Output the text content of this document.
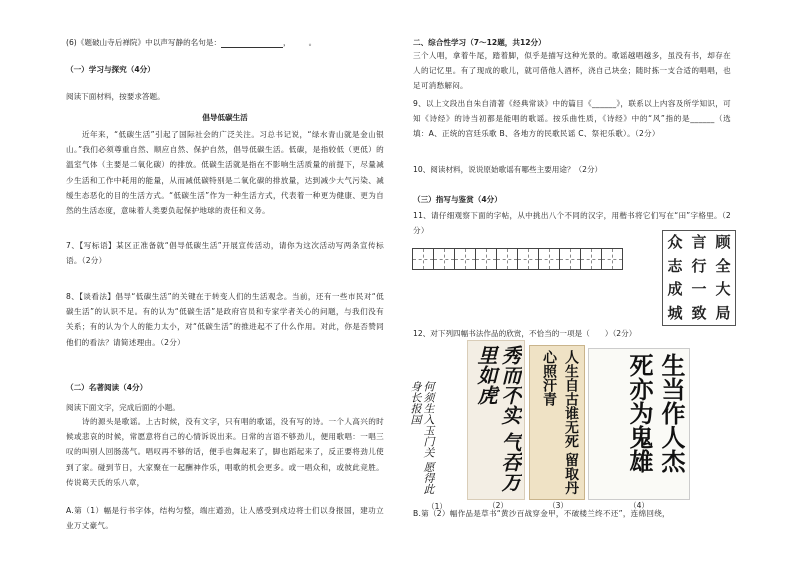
(6)《题破山寺后禅院》中以声写静的名句是：	， 。
（一）学习与探究（4分）
阅读下面材料，按要求答题。
倡导低碳生活
近年来，“低碳生活”引起了国际社会的广泛关注。习总书记说，“绿水青山就是金山银山。”我们必须尊重自然、顺应自然、保护自然，倡导低碳生活。低碳，是指较低（更低）的温室气体（主要是二氧化碳）的排放。低碳生活就是指在不影响生活质量的前提下，尽量减少生活和工作中耗用的能量，从而减低碳特别是二氧化碳的排放量，达到减少大气污染、减缓生态恶化的目的生活方式。“低碳生活”作为一种生活方式，代表着一种更为健康、更为自然的生活态度，意味着人类要负起保护地球的责任和义务。
7、【写标语】某区正准备就“倡导低碳生活”开展宣传活动，请你为这次活动写两条宣传标语。（2分）
8、【谈看法】倡导“低碳生活”的关键在于转变人们的生活观念。当前，还有一些市民对“低碳生活”的认识不足。有的认为“低碳生活”是政府官员和专家学者关心的问题，与我们没有关系；有的认为个人的能力太小，对“低碳生活”的推进起不了什么作用。对此，你是否赞同他们的看法？请简述理由。（2分）
（二）名著阅读（4分）
阅读下面文字，完成后面的小题。
诗的源头是歌谣。上古时候，没有文字，只有唱的歌谣，没有写的诗。一个人高兴的时候或悲哀的时候，常愿意将自己的心情诉说出来。日常的言语不够劲儿，便用歌唱：一唱三叹的叫别人回肠荡气。唱叹再不够的话，便手也舞起来了，脚也蹈起来了，反正要将劲儿使到了家。碰到节日，大家聚在一起酬神作乐，唱歌的机会更多。或一唱众和，或彼此竞胜。传说葛天氏的乐八章，
A.第（1）幅是行书字体，结构匀整，端庄遒劲，让人感受到戍边将士们以身报国，建功立业万丈豪气。
二、综合性学习（7～12题，共12分）
三个人唱，拿着牛尾，踏着脚，似乎是描写这种光景的。歌谣越唱越多，虽没有书，却存在人的记忆里。有了现成的歌儿，就可借他人酒杯，浇自己块垒；随时拣一支合适的唱唱，也足可消愁解闷。
9、以上文段出自朱自清著《经典常谈》中的篇目《______》，联系以上内容及所学知识，可知《诗经》的诗当初都是能唱的歌谣。按乐曲性质，《诗经》中的“风”指的是______（选填：A、正统的宫廷乐歌 B、各地方的民歌民谣 C、祭祀乐歌）。（2分）
10、阅读材料，说说原始歌谣有哪些主要用途？（2分）
（三）指写与鉴赏（4分）
11、请仔细观察下面的字帖，从中挑出八个不同的汉字，用楷书将它们写在“田”字格里。（2分）
众 言 顾
志 行 全
成 一 大
城 致 局
12、对下列四幅书法作品的欣赏，不恰当的一项是（　　）（2分）
何须生入玉门关 愿得此身长报国
（1）
秀而不实 气吞万里如虎
（2）
人生自古谁无死 留取丹心照汗青
（3）
生当作人杰 死亦为鬼雄
（4）
B.第（2）幅作品是草书“黄沙百战穿金甲，不破楼兰终不还”，连绵回绕，
